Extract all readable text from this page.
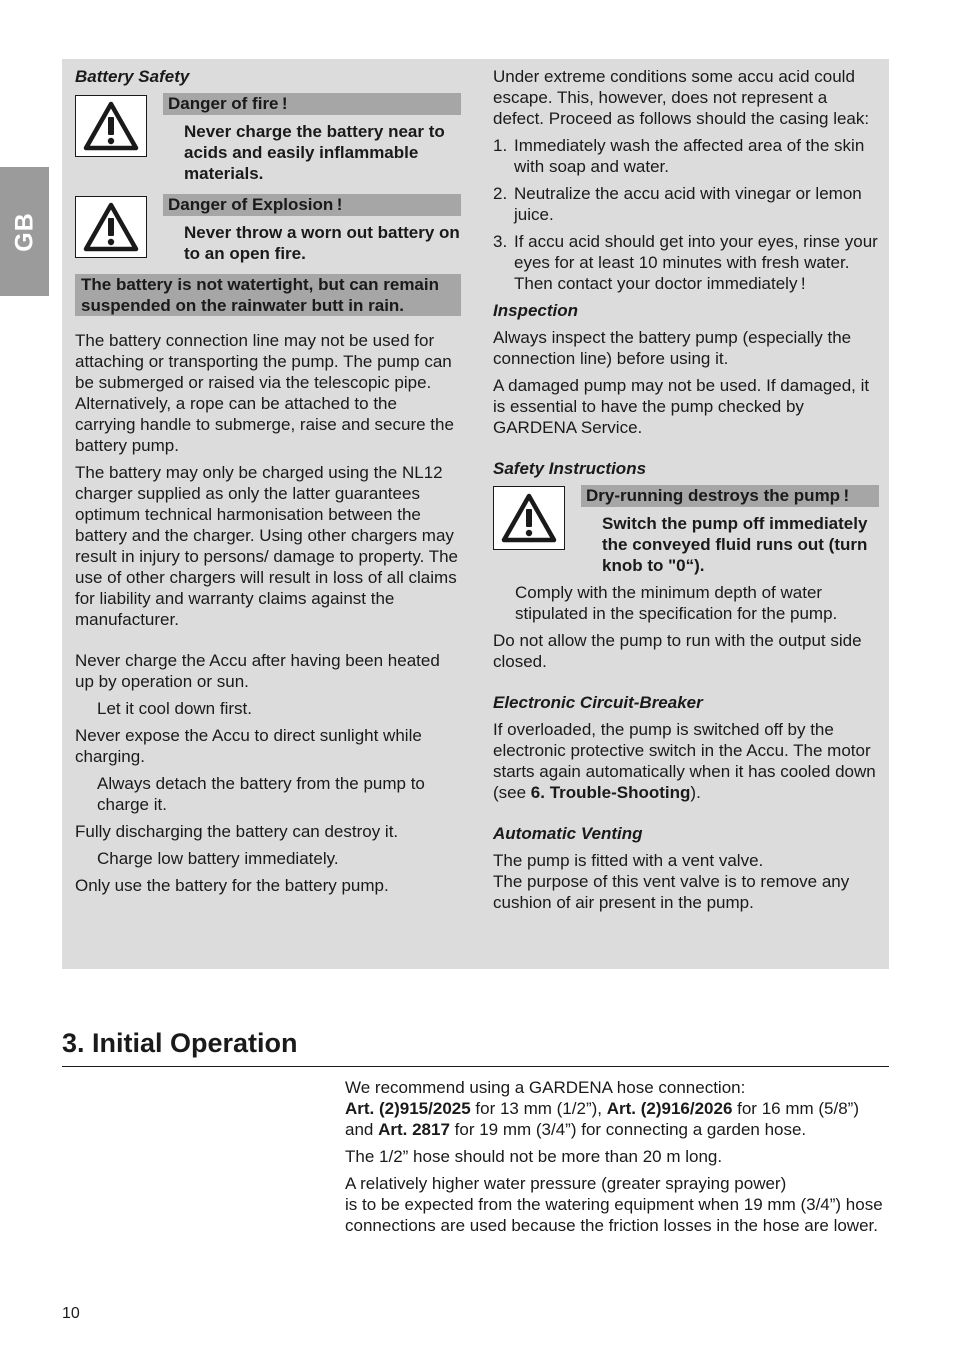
GB
Battery Safety
Danger of fire !
Never charge the battery near to acids and easily inflammable materials.
Danger of Explosion !
Never throw a worn out battery on to an open fire.
The battery is not watertight, but can remain suspended on the rainwater butt in rain.

The battery connection line may not be used for attaching or transporting the pump. The pump can be submerged or raised via the telescopic pipe. Alternatively, a rope can be attached to the carrying handle to submerge, raise and secure the battery pump.

The battery may only be charged using the NL12 charger supplied as only the latter guarantees optimum technical harmonisation between the battery and the charger. Using other chargers may result in injury to persons/ damage to property. The use of other chargers will result in loss of all claims for liability and warranty claims against the manufacturer.

Never charge the Accu after having been heated up by operation or sun.

Let it cool down first.

Never expose the Accu to direct sunlight while charging.

Always detach the battery from the pump to charge it.

Fully discharging the battery can destroy it.

Charge low battery immediately.

Only use the battery for the battery pump.

Under extreme conditions some accu acid could escape. This, however, does not represent a defect. Proceed as follows should the casing leak:

1. Immediately wash the affected area of the skin with soap and water.
2. Neutralize the accu acid with vinegar or lemon juice.
3. If accu acid should get into your eyes, rinse your eyes for at least 10 minutes with fresh water. Then contact your doctor immediately !
Inspection

Always inspect the battery pump (especially the connection line) before using it.

A damaged pump may not be used. If damaged, it is essential to have the pump checked by GARDENA Service.

Safety Instructions
Dry-running destroys the pump !
Switch the pump off immediately the conveyed fluid runs out (turn knob to "0“).

Comply with the minimum depth of water stipulated in the specification for the pump.

Do not allow the pump to run with the output side closed.

Electronic Circuit-Breaker

If overloaded, the pump is switched off by the electronic protective switch in the Accu. The motor starts again automatically when it has cooled down (see 6. Trouble-Shooting).

Automatic Venting

The pump is fitted with a vent valve.

The purpose of this vent valve is to remove any cushion of air present in the pump.

3. Initial Operation

We recommend using a GARDENA hose connection:
Art. (2)915/2025 for 13 mm (1/2”), Art. (2)916/2026 for 16 mm (5/8”) and Art. 2817 for 19 mm (3/4”) for connecting a garden hose.

The 1/2” hose should not be more than 20 m long.

A relatively higher water pressure (greater spraying power)
is to be expected from the watering equipment when 19 mm (3/4”) hose connections are used because the friction losses in the hose are lower.

10
